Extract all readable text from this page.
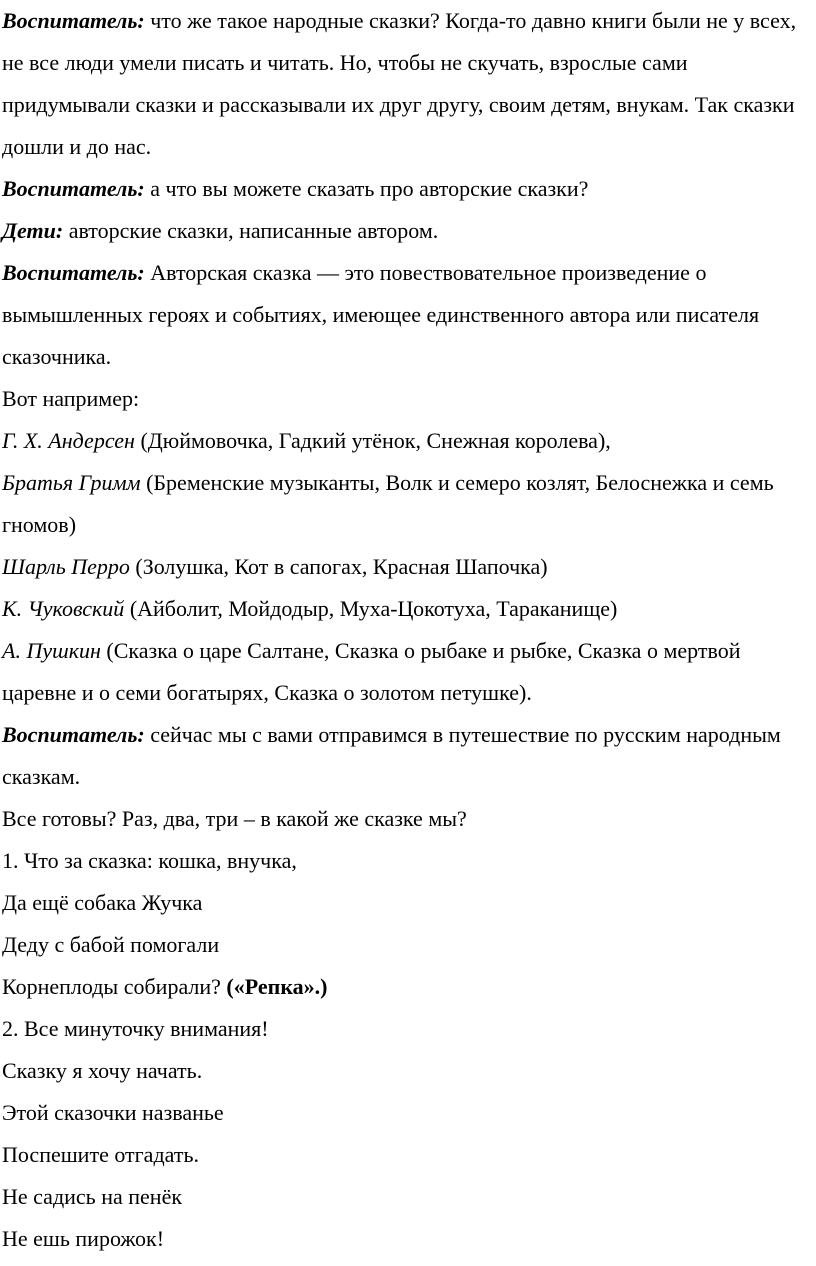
Воспитатель: что же такое народные сказки? Когда-то давно книги были не у всех, не все люди умели писать и читать. Но, чтобы не скучать, взрослые сами придумывали сказки и рассказывали их друг другу, своим детям, внукам. Так сказки дошли и до нас.

Воспитатель: а что вы можете сказать про авторские сказки?

Дети: авторские сказки, написанные автором.

Воспитатель: Авторская сказка — это повествовательное произведение о вымышленных героях и событиях, имеющее единственного автора или писателя сказочника.

Вот например:

Г. Х. Андерсен (Дюймовочка, Гадкий утёнок, Снежная королева),

Братья Гримм (Бременские музыканты, Волк и семеро козлят, Белоснежка и семь гномов)

Шарль Перро (Золушка, Кот в сапогах, Красная Шапочка)

К. Чуковский (Айболит, Мойдодыр, Муха-Цокотуха, Тараканище)

А. Пушкин (Сказка о царе Салтане, Сказка о рыбаке и рыбке, Сказка о мертвой царевне и о семи богатырях, Сказка о золотом петушке).

Воспитатель: сейчас мы с вами отправимся в путешествие по русским народным сказкам.

Все готовы? Раз, два, три – в какой же сказке мы?

1. Что за сказка: кошка, внучка,

Да ещё собака Жучка

Деду с бабой помогали

Корнеплоды собирали? («Репка».)

2. Все минуточку внимания!

Сказку я хочу начать.

Этой сказочки названье

Поспешите отгадать.

Не садись на пенёк

Не ешь пирожок!
